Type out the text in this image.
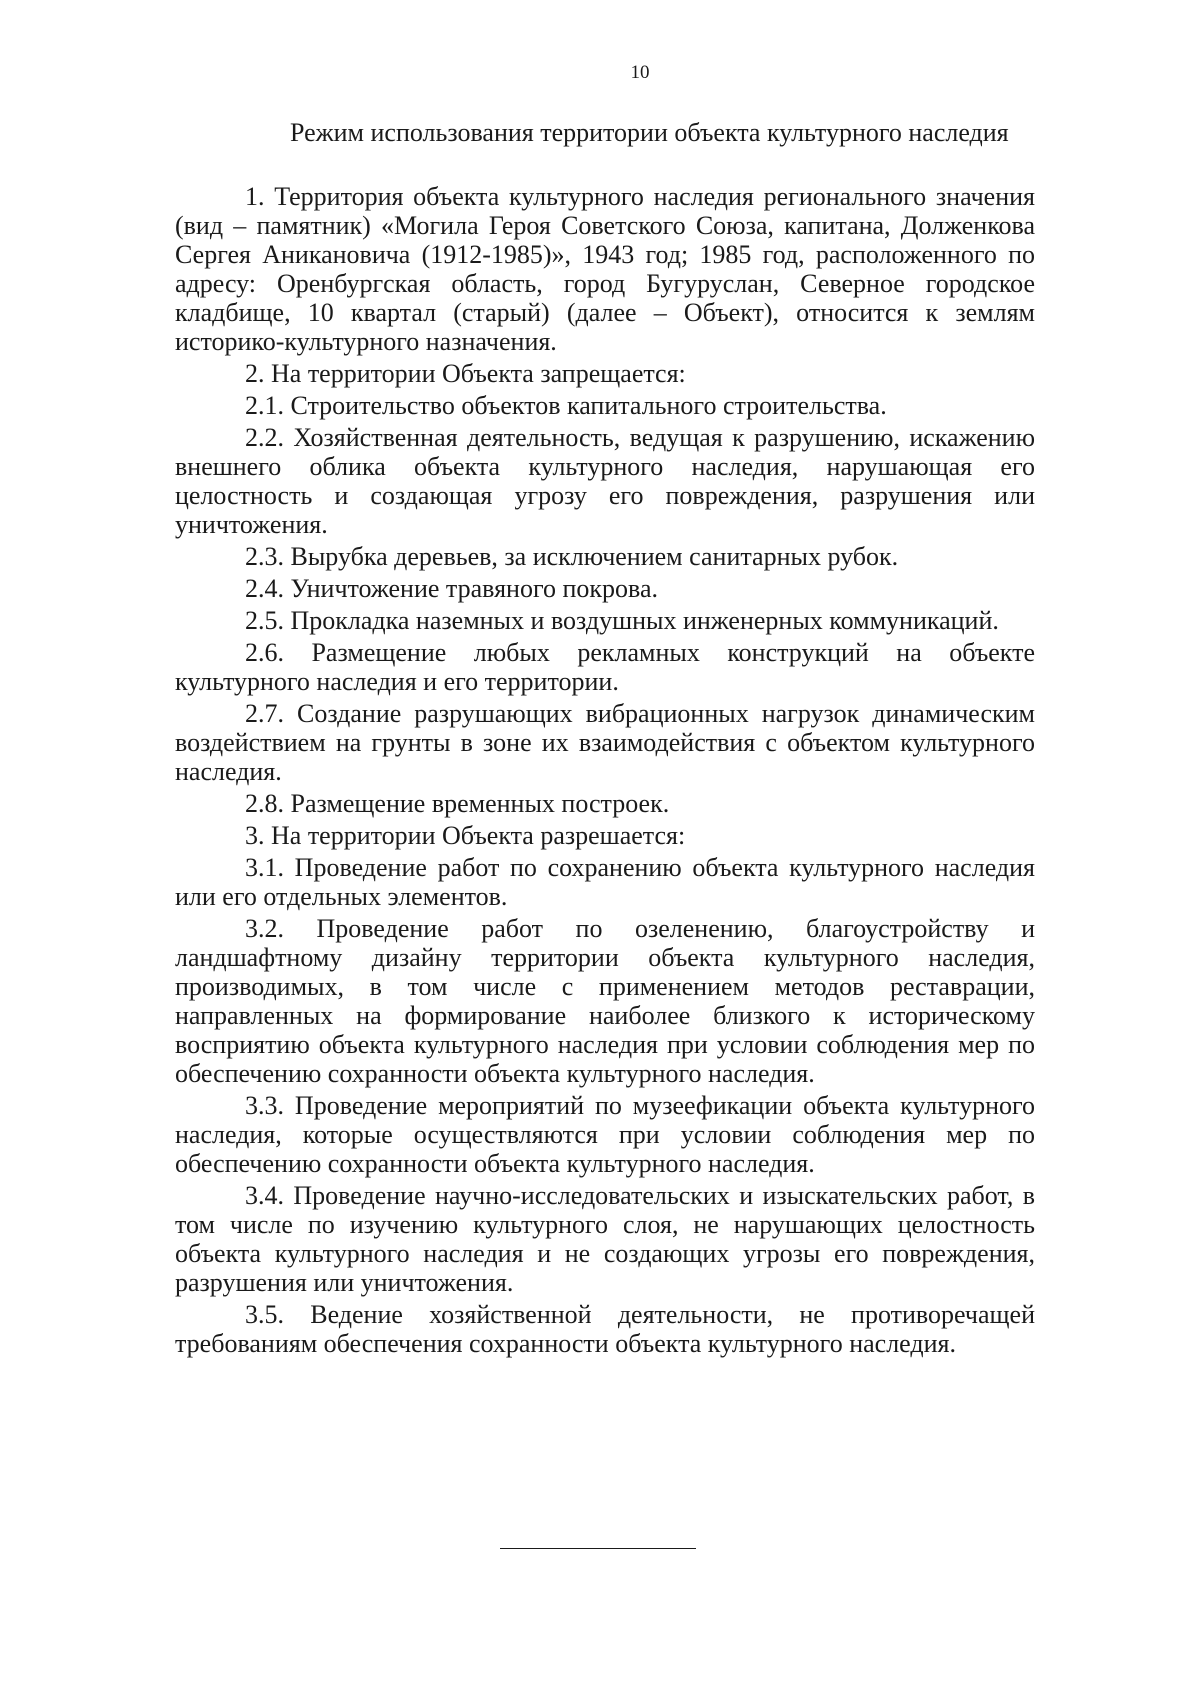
10
Режим использования территории объекта культурного наследия

1. Территория объекта культурного наследия регионального значения (вид – памятник) «Могила Героя Советского Союза, капитана, Долженкова Сергея Аникановича (1912-1985)», 1943 год; 1985 год, расположенного по адресу: Оренбургская область, город Бугуруслан, Северное городское кладбище, 10 квартал (старый) (далее – Объект), относится к землям историко-культурного назначения.

2. На территории Объекта запрещается:

2.1. Строительство объектов капитального строительства.

2.2. Хозяйственная деятельность, ведущая к разрушению, искажению внешнего облика объекта культурного наследия, нарушающая его целостность и создающая угрозу его повреждения, разрушения или уничтожения.

2.3. Вырубка деревьев, за исключением санитарных рубок.

2.4. Уничтожение травяного покрова.

2.5. Прокладка наземных и воздушных инженерных коммуникаций.

2.6. Размещение любых рекламных конструкций на объекте культурного наследия и его территории.

2.7. Создание разрушающих вибрационных нагрузок динамическим воздействием на грунты в зоне их взаимодействия с объектом культурного наследия.

2.8. Размещение временных построек.

3. На территории Объекта разрешается:

3.1. Проведение работ по сохранению объекта культурного наследия или его отдельных элементов.

3.2. Проведение работ по озеленению, благоустройству и ландшафтному дизайну территории объекта культурного наследия, производимых, в том числе с применением методов реставрации, направленных на формирование наиболее близкого к историческому восприятию объекта культурного наследия при условии соблюдения мер по обеспечению сохранности объекта культурного наследия.

3.3. Проведение мероприятий по музеефикации объекта культурного наследия, которые осуществляются при условии соблюдения мер по обеспечению сохранности объекта культурного наследия.

3.4. Проведение научно-исследовательских и изыскательских работ, в том числе по изучению культурного слоя, не нарушающих целостность объекта культурного наследия и не создающих угрозы его повреждения, разрушения или уничтожения.

3.5. Ведение хозяйственной деятельности, не противоречащей требованиям обеспечения сохранности объекта культурного наследия.
